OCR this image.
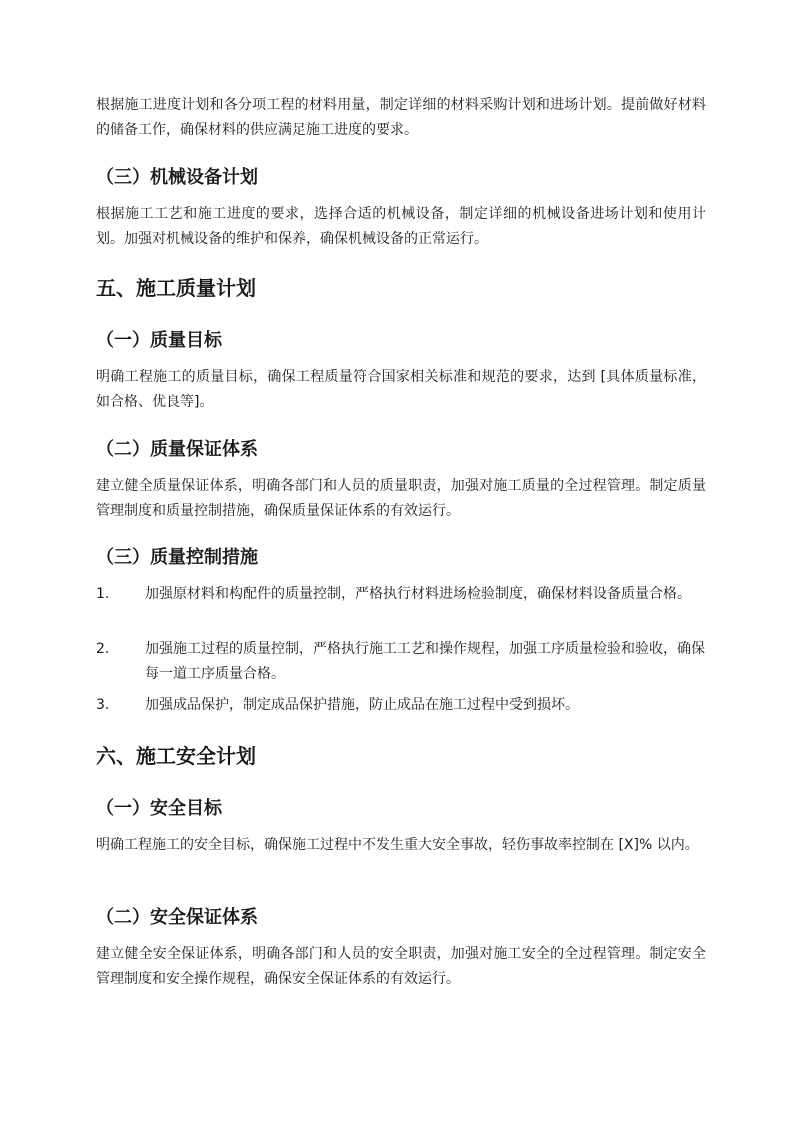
根据施工进度计划和各分项工程的材料用量，制定详细的材料采购计划和进场计划。提前做好材料的储备工作，确保材料的供应满足施工进度的要求。

（三）机械设备计划

根据施工工艺和施工进度的要求，选择合适的机械设备，制定详细的机械设备进场计划和使用计划。加强对机械设备的维护和保养，确保机械设备的正常运行。

五、施工质量计划
（一）质量目标

明确工程施工的质量目标，确保工程质量符合国家相关标准和规范的要求，达到 [具体质量标准，如合格、优良等]。

（二）质量保证体系

建立健全质量保证体系，明确各部门和人员的质量职责，加强对施工质量的全过程管理。制定质量管理制度和质量控制措施，确保质量保证体系的有效运行。

（三）质量控制措施
1.	加强原材料和构配件的质量控制，严格执行材料进场检验制度，确保材料设备质量合格。
2.	加强施工过程的质量控制，严格执行施工工艺和操作规程，加强工序质量检验和验收，确保每一道工序质量合格。
3.	加强成品保护，制定成品保护措施，防止成品在施工过程中受到损坏。
六、施工安全计划
（一）安全目标

明确工程施工的安全目标，确保施工过程中不发生重大安全事故，轻伤事故率控制在 [X]% 以内。

（二）安全保证体系

建立健全安全保证体系，明确各部门和人员的安全职责，加强对施工安全的全过程管理。制定安全管理制度和安全操作规程，确保安全保证体系的有效运行。
